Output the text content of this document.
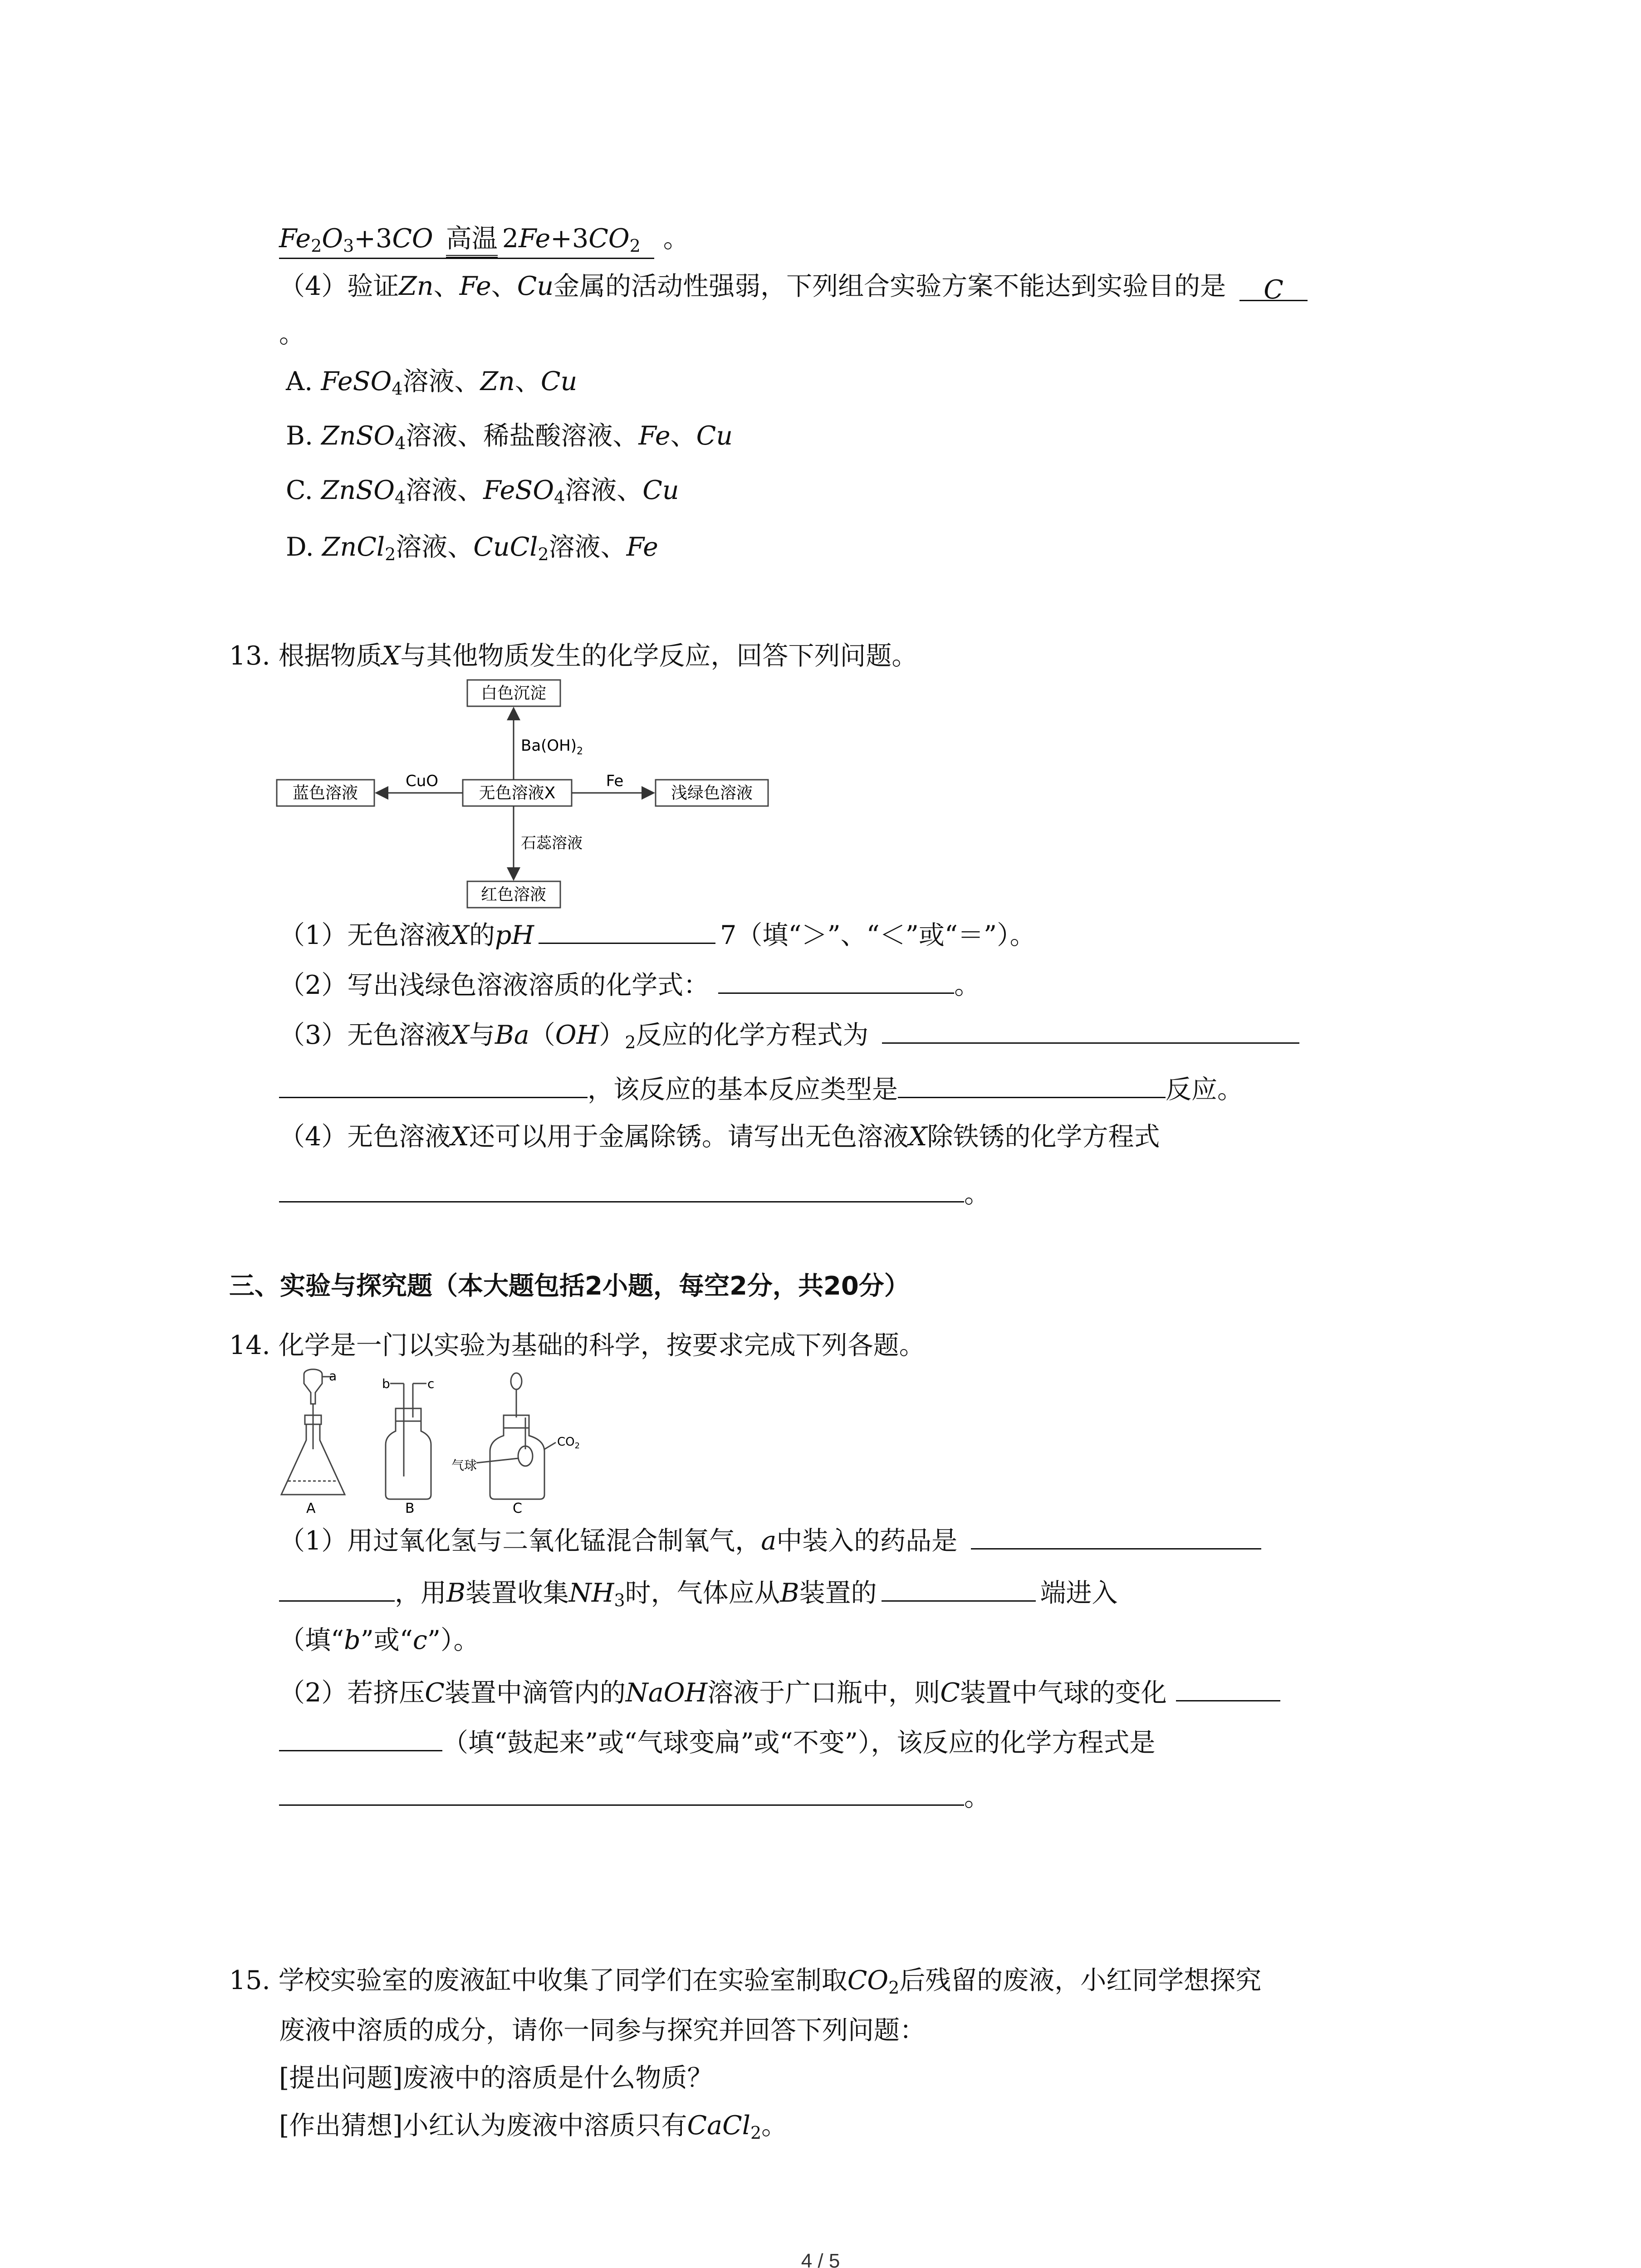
$Fe_2O_3+3CO$ 高温 $2Fe+3CO_2$ 。
（4）验证Zn、Fe、Cu金属的活动性强弱，下列组合实验方案不能达到实验目的是 C
。
A. FeSO$_4$溶液、Zn、Cu
B. ZnSO$_4$溶液、稀盐酸溶液、Fe、Cu
C. ZnSO$_4$溶液、FeSO$_4$溶液、Cu
D. ZnCl$_2$溶液、CuCl$_2$溶液、Fe
13. 根据物质X与其他物质发生的化学反应，回答下列问题。
白色沉淀
无色溶液X
蓝色溶液	浅绿色溶液
红色溶液
$Ba(OH)_2$
CuO	Fe
石蕊溶液
（1）无色溶液X的pH	7（填“＞”、“＜”或“＝”）。
（2）写出浅绿色溶液溶质的化学式：	。
（3）无色溶液X与$Ba(OH)_2$反应的化学方程式为
，该反应的基本反应类型是	反应。
（4）无色溶液X还可以用于金属除锈。请写出无色溶液X除铁锈的化学方程式
。
三、实验与探究题（本大题包括2小题，每空2分，共20分）
14. 化学是一门以实验为基础的科学，按要求完成下列各题。
a
A
b	c
B
气球
$CO_2$
C
（1）用过氧化氢与二氧化锰混合制氧气，a中装入的药品是
，用B装置收集$NH_3$时，气体应从B装置的	端进入
（填“b”或“c”）。
（2）若挤压C装置中滴管内的NaOH溶液于广口瓶中，则C装置中气球的变化
（填“鼓起来”或“气球变扁”或“不变”），该反应的化学方程式是
。
15. 学校实验室的废液缸中收集了同学们在实验室制取$CO_2$后残留的废液，小红同学想探究
废液中溶质的成分，请你一同参与探究并回答下列问题：
[提出问题]废液中的溶质是什么物质？
[作出猜想]小红认为废液中溶质只有CaCl$_2$。
4 / 5
